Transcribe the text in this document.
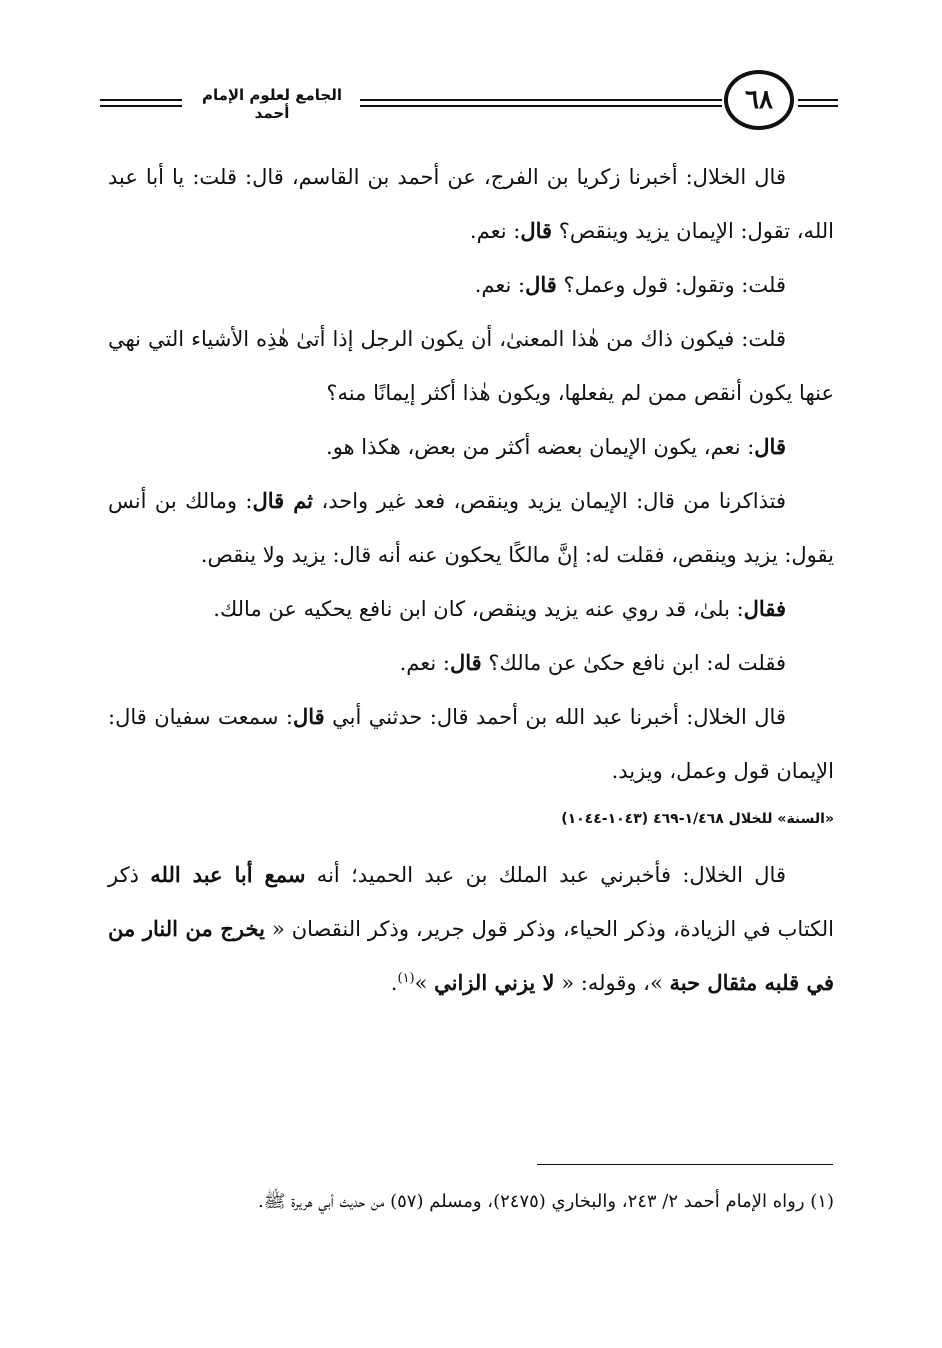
الجامع لعلوم الإمام أحمد	٦٨

قال الخلال: أخبرنا زكريا بن الفرج، عن أحمد بن القاسم، قال: قلت: يا أبا عبد الله، تقول: الإيمان يزيد وينقص؟ قال: نعم.

قلت: وتقول: قول وعمل؟ قال: نعم.

قلت: فيكون ذاك من هٰذا المعنىٰ، أن يكون الرجل إذا أتىٰ هٰذِه الأشياء التي نهي عنها يكون أنقص ممن لم يفعلها، ويكون هٰذا أكثر إيمانًا منه؟

قال: نعم، يكون الإيمان بعضه أكثر من بعض، هكذا هو.

فتذاكرنا من قال: الإيمان يزيد وينقص، فعد غير واحد، ثم قال: ومالك بن أنس يقول: يزيد وينقص، فقلت له: إنَّ مالكًا يحكون عنه أنه قال: يزيد ولا ينقص.

فقال: بلىٰ، قد روي عنه يزيد وينقص، كان ابن نافع يحكيه عن مالك.

فقلت له: ابن نافع حكىٰ عن مالك؟ قال: نعم.

قال الخلال: أخبرنا عبد الله بن أحمد قال: حدثني أبي قال: سمعت سفيان قال: الإيمان قول وعمل، ويزيد.

«السنة» للخلال ١/٤٦٨-٤٦٩ (١٠٤٣-١٠٤٤)

قال الخلال: فأخبرني عبد الملك بن عبد الحميد؛ أنه سمع أبا عبد الله ذكر الكتاب في الزيادة، وذكر الحياء، وذكر قول جرير، وذكر النقصان « يخرج من النار من في قلبه مثقال حبة »، وقوله: « لا يزني الزاني »$^{(١)}$.

(١) رواه الإمام أحمد ٢/ ٢٤٣، والبخاري (٢٤٧٥)، ومسلم (٥٧) من حديث أبي هريرة ﷺ.
